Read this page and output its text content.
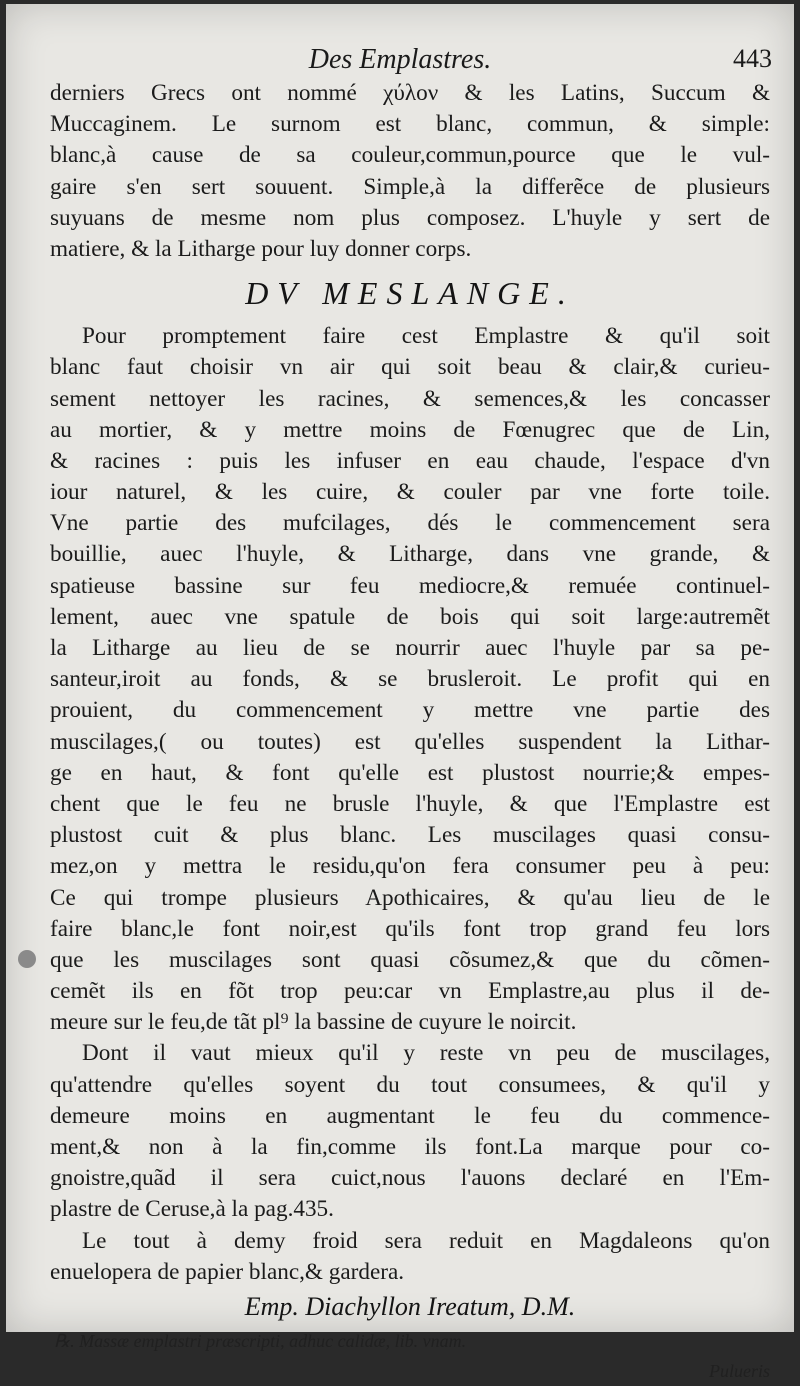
Des Emplastres.	443
derniers Grecs ont nommé χύλον & les Latins, Succum &
Muccaginem. Le surnom est blanc, commun, & simple:
blanc,à cause de sa couleur,commun,pource que le vul-
gaire s'en sert souuent. Simple,à la differẽce de plusieurs
suyuans de mesme nom plus composez. L'huyle y sert de
matiere, & la Litharge pour luy donner corps.
DV MESLANGE.
Pour promptement faire cest Emplastre & qu'il soit
blanc faut choisir vn air qui soit beau & clair,& curieu-
sement nettoyer les racines, & semences,& les concasser
au mortier, & y mettre moins de Fœnugrec que de Lin,
& racines : puis les infuser en eau chaude, l'espace d'vn
iour naturel, & les cuire, & couler par vne forte toile.
Vne partie des mufcilages, dés le commencement sera
bouillie, auec l'huyle, & Litharge, dans vne grande, &
spatieuse bassine sur feu mediocre,& remuée continuel-
lement, auec vne spatule de bois qui soit large:autremẽt
la Litharge au lieu de se nourrir auec l'huyle par sa pe-
santeur,iroit au fonds, & se brusleroit. Le profit qui en
prouient, du commencement y mettre vne partie des
muscilages,( ou toutes) est qu'elles suspendent la Lithar-
ge en haut, & font qu'elle est plustost nourrie;& empes-
chent que le feu ne brusle l'huyle, & que l'Emplastre est
plustost cuit & plus blanc. Les muscilages quasi consu-
mez,on y mettra le residu,qu'on fera consumer peu à peu:
Ce qui trompe plusieurs Apothicaires, & qu'au lieu de le
faire blanc,le font noir,est qu'ils font trop grand feu lors
que les muscilages sont quasi cõsumez,& que du cõmen-
cemẽt ils en fõt trop peu:car vn Emplastre,au plus il de-
meure sur le feu,de tãt pl⁹ la bassine de cuyure le noircit.
Dont il vaut mieux qu'il y reste vn peu de muscilages,
qu'attendre qu'elles soyent du tout consumees, & qu'il y
demeure moins en augmentant le feu du commence-
ment,& non à la fin,comme ils font.La marque pour co-
gnoistre,quãd il sera cuict,nous l'auons declaré en l'Em-
plastre de Ceruse,à la pag.435.
Le tout à demy froid sera reduit en Magdaleons qu'on
enuelopera de papier blanc,& gardera.
Emp. Diachyllon Ireatum, D.M.
℞. Massæ emplastri præscripti, adhuc calidæ, lib. vnam.
Pulueris
